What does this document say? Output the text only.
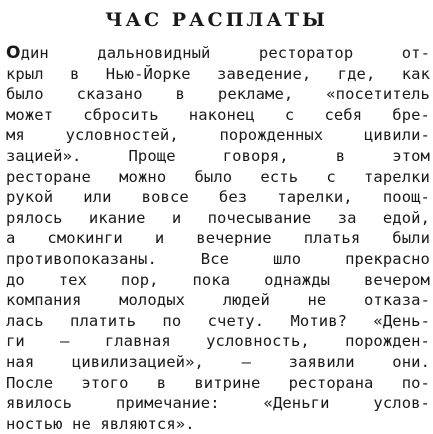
ЧАС РАСПЛАТЫ
Один дальновидный ресторатор от-
крыл в Нью-Йорке заведение, где, как
было сказано в рекламе, «посетитель
может сбросить наконец с себя бре-
мя условностей, порожденных цивили-
зацией». Проще говоря, в этом
ресторане можно было есть с тарелки
рукой или вовсе без тарелки, поощ-
рялось икание и почесывание за едой,
а смокинги и вечерние платья были
противопоказаны. Все шло прекрасно
до тех пор, пока однажды вечером
компания молодых людей не отказа-
лась платить по счету. Мотив? «День-
ги — главная условность, порожден-
ная цивилизацией», — заявили они.
После этого в витрине ресторана по-
явилось примечание: «Деньги услов-
ностью не являются».
